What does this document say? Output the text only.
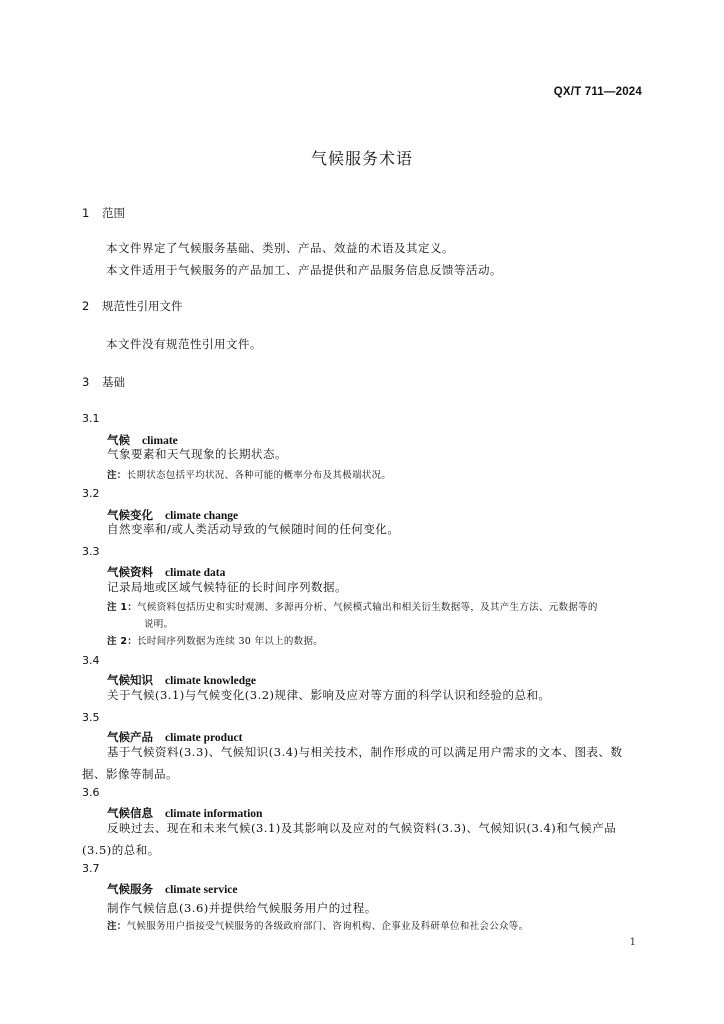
QX/T 711—2024
气候服务术语
1 范围
本文件界定了气候服务基础、类别、产品、效益的术语及其定义。
本文件适用于气候服务的产品加工、产品提供和产品服务信息反馈等活动。
2 规范性引用文件
本文件没有规范性引用文件。
3 基础
3.1
气候 climate
气象要素和天气现象的长期状态。
注：长期状态包括平均状况、各种可能的概率分布及其极端状况。
3.2
气候变化 climate change
自然变率和/或人类活动导致的气候随时间的任何变化。
3.3
气候资料 climate data
记录局地或区域气候特征的长时间序列数据。
注 1：气候资料包括历史和实时观测、多源再分析、气候模式输出和相关衍生数据等，及其产生方法、元数据等的
说明。
注 2：长时间序列数据为连续 30 年以上的数据。
3.4
气候知识 climate knowledge
关于气候(3.1)与气候变化(3.2)规律、影响及应对等方面的科学认识和经验的总和。
3.5
气候产品 climate product
基于气候资料(3.3)、气候知识(3.4)与相关技术，制作形成的可以满足用户需求的文本、图表、数据、影像等制品。
3.6
气候信息 climate information
反映过去、现在和未来气候(3.1)及其影响以及应对的气候资料(3.3)、气候知识(3.4)和气候产品(3.5)的总和。
3.7
气候服务 climate service
制作气候信息(3.6)并提供给气候服务用户的过程。
注：气候服务用户指接受气候服务的各级政府部门、咨询机构、企事业及科研单位和社会公众等。
1
